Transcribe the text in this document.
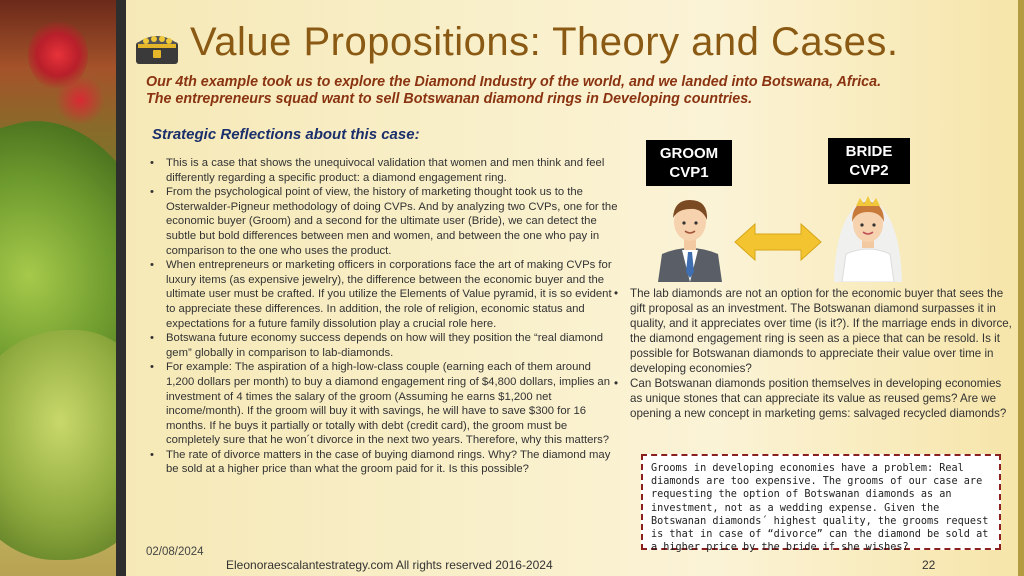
Value Propositions: Theory and Cases.
Our 4th example took us to explore the Diamond Industry of the world, and we landed into Botswana, Africa. The entrepreneurs squad want to sell Botswanan diamond rings in Developing countries.
Strategic Reflections about this case:
• This is a case that shows the unequivocal validation that women and men think and feel differently regarding a specific product: a diamond engagement ring.
• From the psychological point of view, the history of marketing thought took us to the Osterwalder-Pigneur methodology of doing CVPs. And by analyzing two CVPs, one for the economic buyer (Groom) and a second for the ultimate user (Bride), we can detect the subtle but bold differences between men and women, and between the one who pay in comparison to the one who uses the product.
• When entrepreneurs or marketing officers in corporations face the art of making CVPs for luxury items (as expensive jewelry), the difference between the economic buyer and the ultimate user must be crafted. If you utilize the Elements of Value pyramid, it is so evident to appreciate these differences. In addition, the role of religion, economic status and expectations for a future family dissolution play a crucial role here.
• Botswana future economy success depends on how will they position the “real diamond gem” globally in comparison to lab-diamonds.
• For example: The aspiration of a high-low-class couple (earning each of them around 1,200 dollars per month) to buy a diamond engagement ring of $4,800 dollars, implies an investment of 4 times the salary of the groom (Assuming he earns $1,200 net income/month). If the groom will buy it with savings, he will have to save $300 for 16 months. If he buys it partially or totally with debt (credit card), the groom must be completely sure that he won´t divorce in the next two years. Therefore, why this matters?
• The rate of divorce matters in the case of buying diamond rings. Why? The diamond may be sold at a higher price than what the groom paid for it. Is this possible?
GROOM CVP1
BRIDE CVP2
• The lab diamonds are not an option for the economic buyer that sees the gift proposal as an investment. The Botswanan diamond surpasses it in quality, and it appreciates over time (is it?). If the marriage ends in divorce, the diamond engagement ring is seen as a piece that can be resold. Is it possible for Botswanan diamonds to appreciate their value over time in developing economies?
• Can Botswanan diamonds position themselves in developing economies as unique stones that can appreciate its value as reused gems? Are we opening a new concept in marketing gems: salvaged recycled diamonds?
Grooms in developing economies have a problem: Real diamonds are too expensive. The grooms of our case are requesting the option of Botswanan diamonds as an investment, not as a wedding expense. Given the Botswanan diamonds´ highest quality, the grooms request is that in case of “divorce” can the diamond be sold at a higher price by the bride if she wishes?
02/08/2024
Eleonoraescalantestrategy.com All rights reserved 2016-2024	22
